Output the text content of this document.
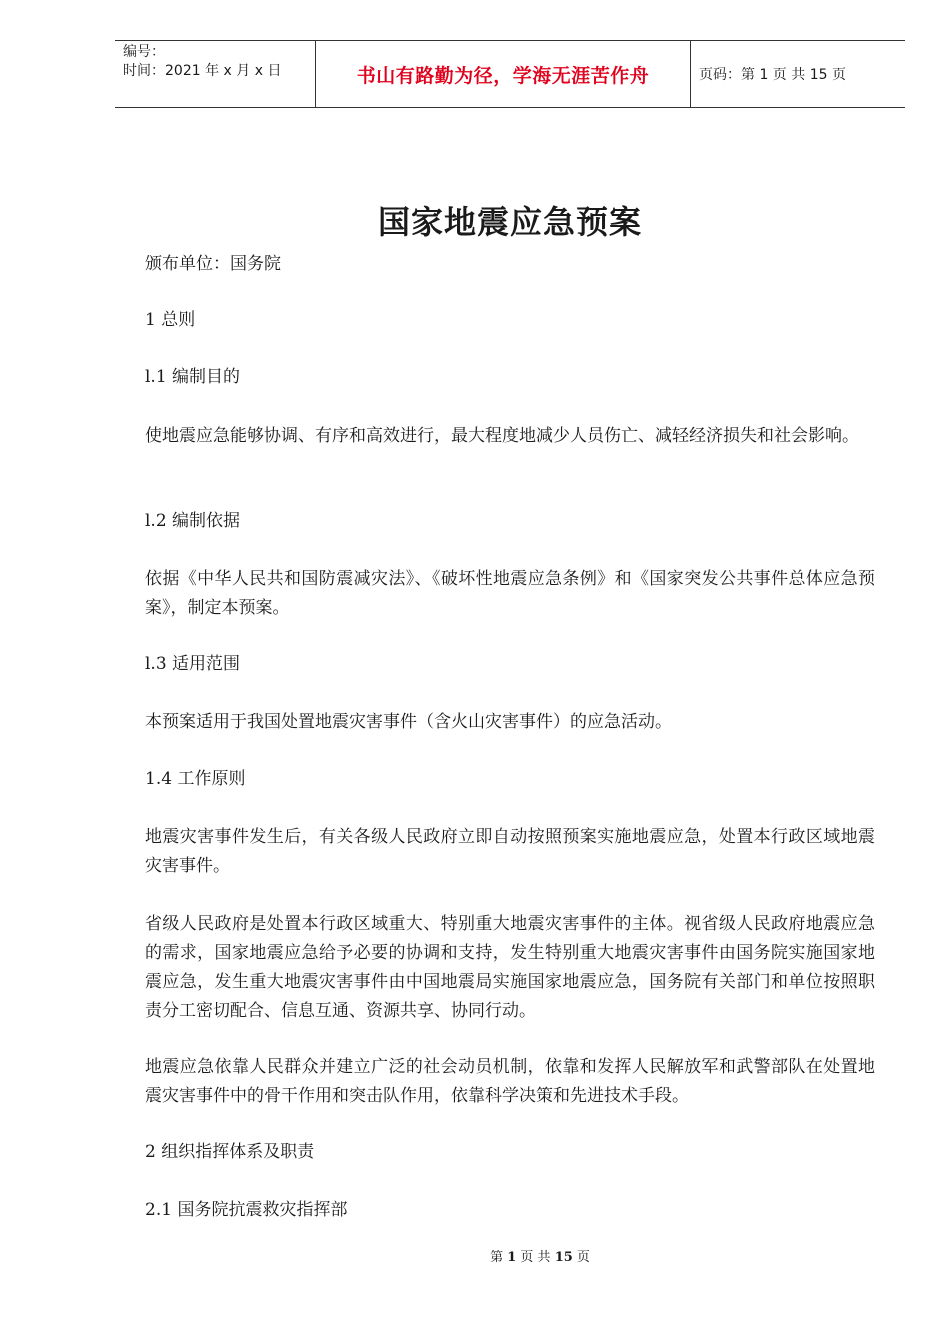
编号：
时间：2021 年 x 月 x 日	书山有路勤为径，学海无涯苦作舟	页码：第 1 页 共 15 页
国家地震应急预案

颁布单位：国务院

1 总则

l.1 编制目的

使地震应急能够协调、有序和高效进行，最大程度地减少人员伤亡、减轻经济损失和社会影响。

l.2 编制依据

依据《中华人民共和国防震减灾法》、《破坏性地震应急条例》和《国家突发公共事件总体应急预案》，制定本预案。

l.3 适用范围

本预案适用于我国处置地震灾害事件（含火山灾害事件）的应急活动。

1.4 工作原则

地震灾害事件发生后，有关各级人民政府立即自动按照预案实施地震应急，处置本行政区域地震灾害事件。

省级人民政府是处置本行政区域重大、特别重大地震灾害事件的主体。视省级人民政府地震应急的需求，国家地震应急给予必要的协调和支持，发生特别重大地震灾害事件由国务院实施国家地震应急，发生重大地震灾害事件由中国地震局实施国家地震应急，国务院有关部门和单位按照职责分工密切配合、信息互通、资源共享、协同行动。

地震应急依靠人民群众并建立广泛的社会动员机制，依靠和发挥人民解放军和武警部队在处置地震灾害事件中的骨干作用和突击队作用，依靠科学决策和先进技术手段。

2 组织指挥体系及职责

2.1 国务院抗震救灾指挥部

第 1 页 共 15 页
